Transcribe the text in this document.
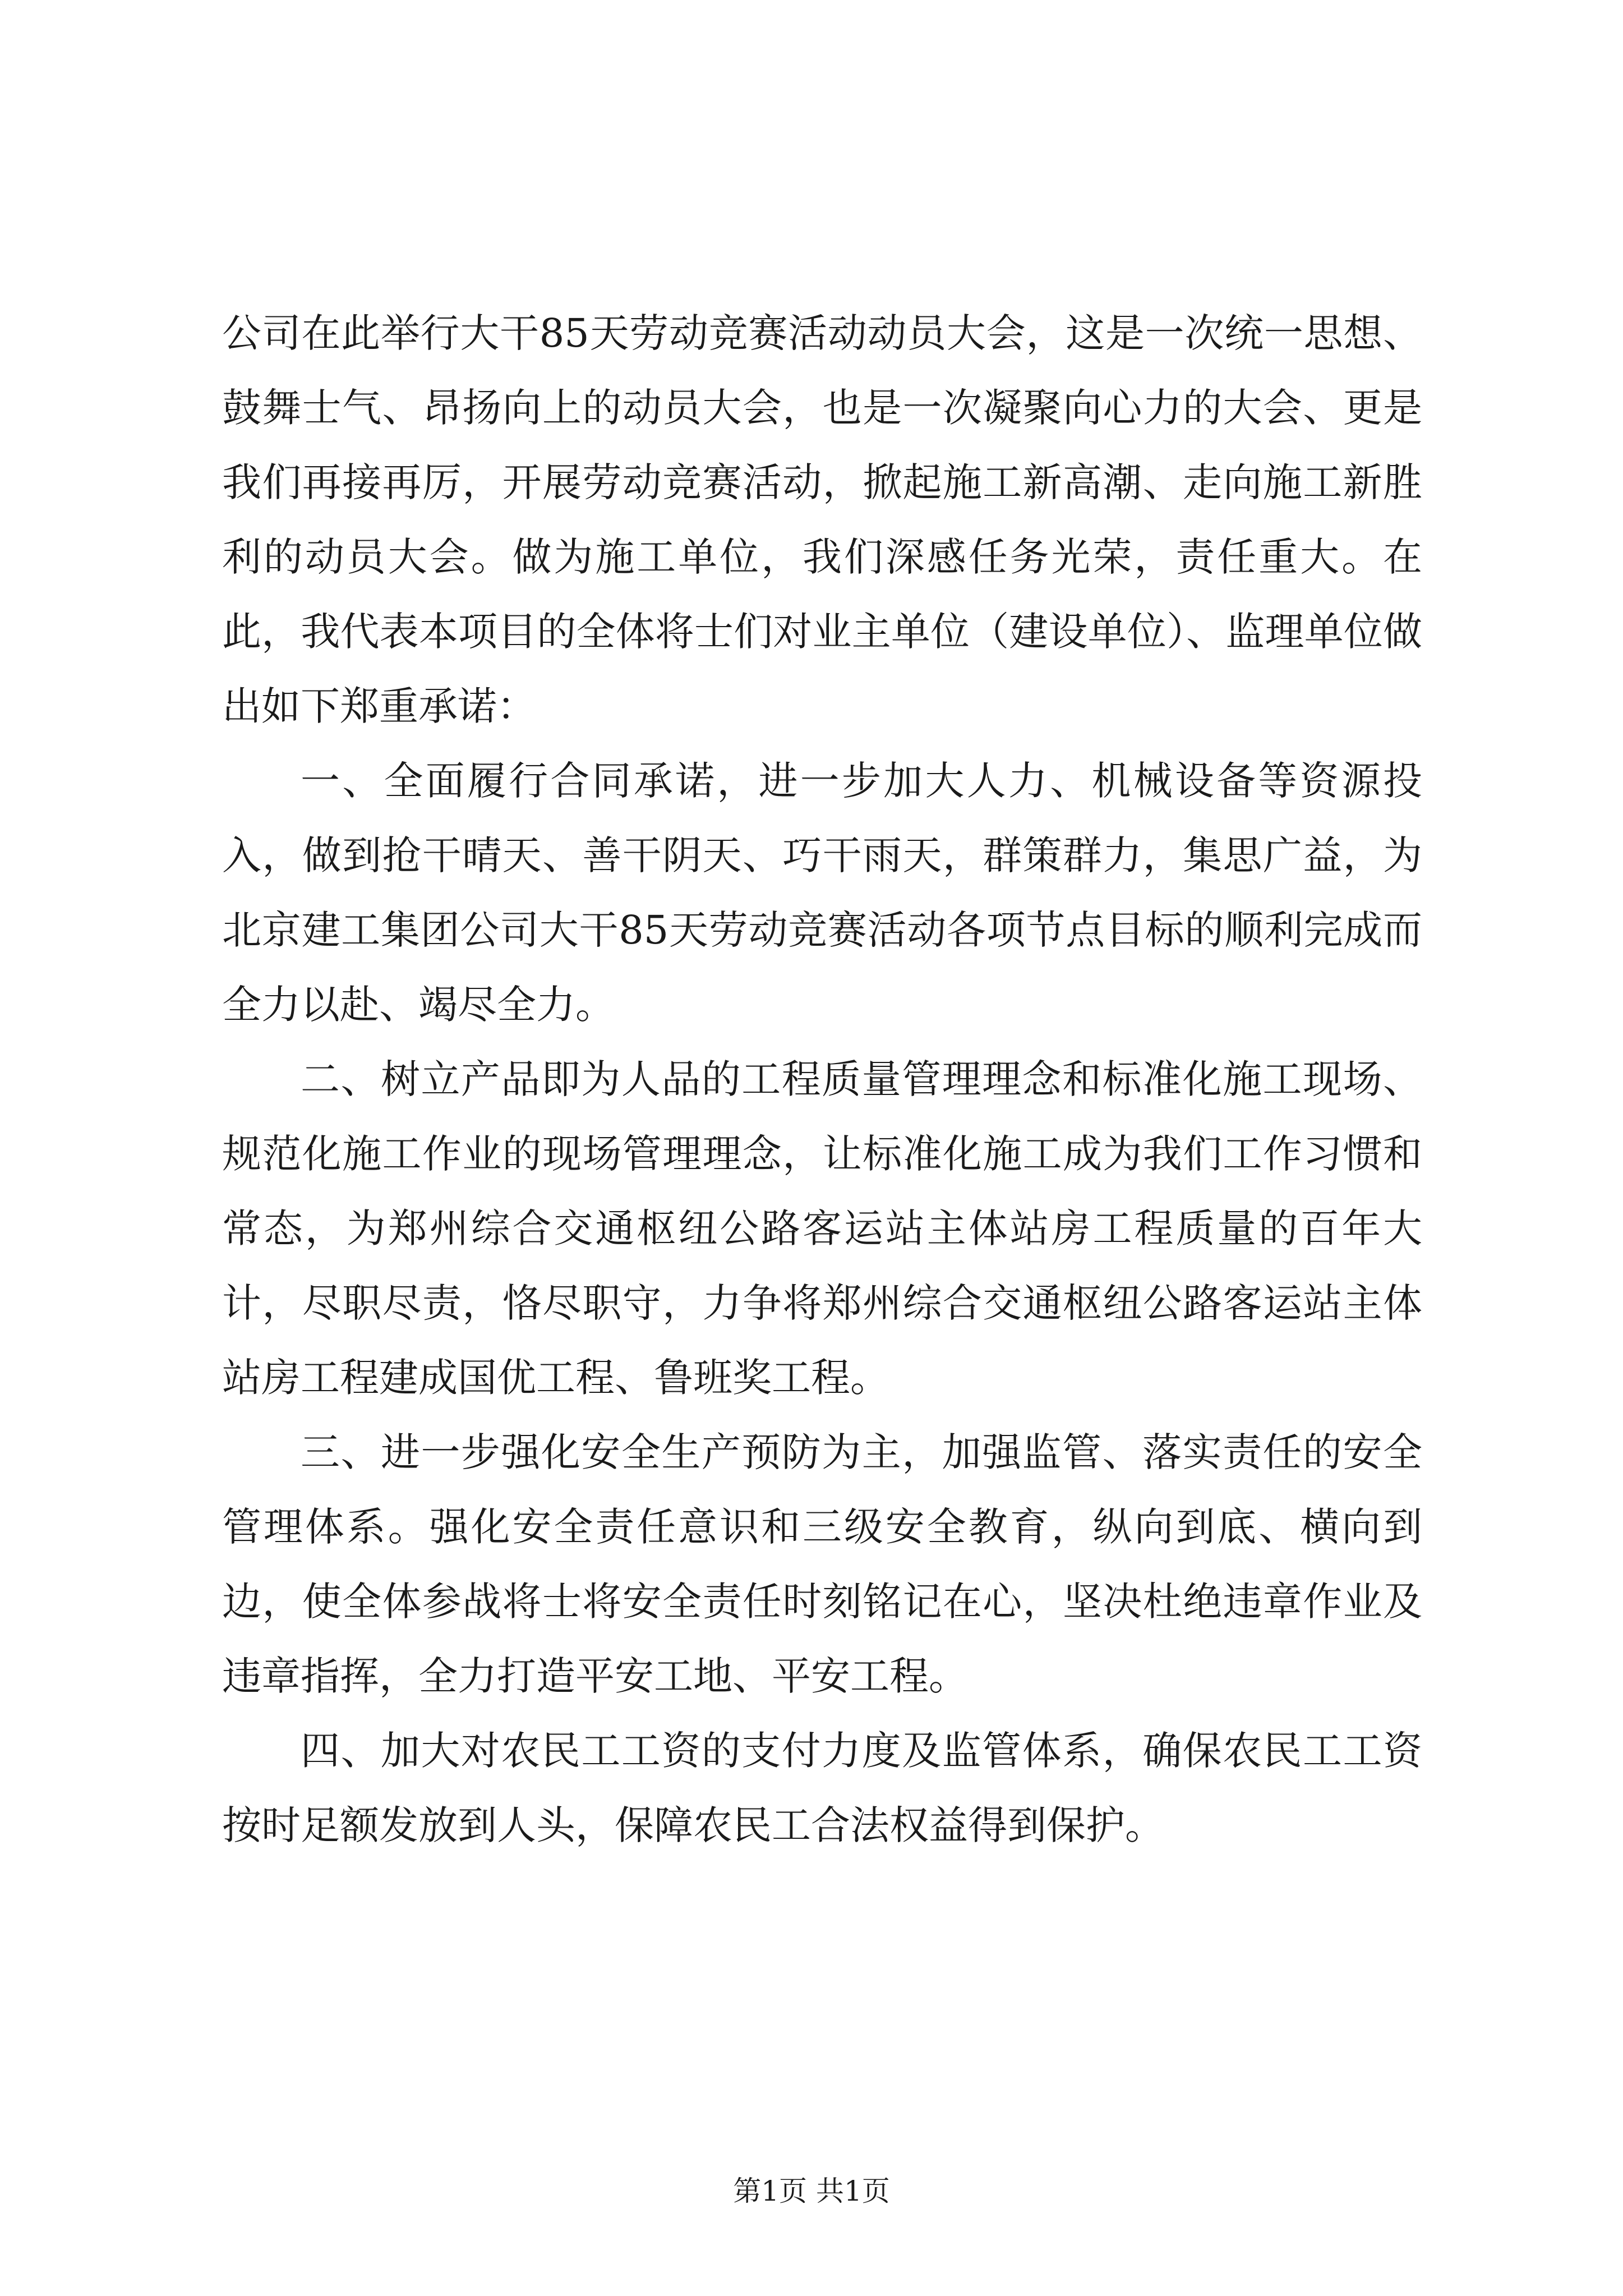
公司在此举行大干85天劳动竞赛活动动员大会，这是一次统一思想、鼓舞士气、昂扬向上的动员大会，也是一次凝聚向心力的大会、更是我们再接再厉，开展劳动竞赛活动，掀起施工新高潮、走向施工新胜利的动员大会。做为施工单位，我们深感任务光荣，责任重大。在此，我代表本项目的全体将士们对业主单位（建设单位）、监理单位做出如下郑重承诺：

一、全面履行合同承诺，进一步加大人力、机械设备等资源投入，做到抢干晴天、善干阴天、巧干雨天，群策群力，集思广益，为北京建工集团公司大干85天劳动竞赛活动各项节点目标的顺利完成而全力以赴、竭尽全力。

二、树立产品即为人品的工程质量管理理念和标准化施工现场、规范化施工作业的现场管理理念，让标准化施工成为我们工作习惯和常态，为郑州综合交通枢纽公路客运站主体站房工程质量的百年大计，尽职尽责，恪尽职守，力争将郑州综合交通枢纽公路客运站主体站房工程建成国优工程、鲁班奖工程。

三、进一步强化安全生产预防为主，加强监管、落实责任的安全管理体系。强化安全责任意识和三级安全教育，纵向到底、横向到边，使全体参战将士将安全责任时刻铭记在心，坚决杜绝违章作业及违章指挥，全力打造平安工地、平安工程。

四、加大对农民工工资的支付力度及监管体系，确保农民工工资按时足额发放到人头，保障农民工合法权益得到保护。

第1页 共1页
